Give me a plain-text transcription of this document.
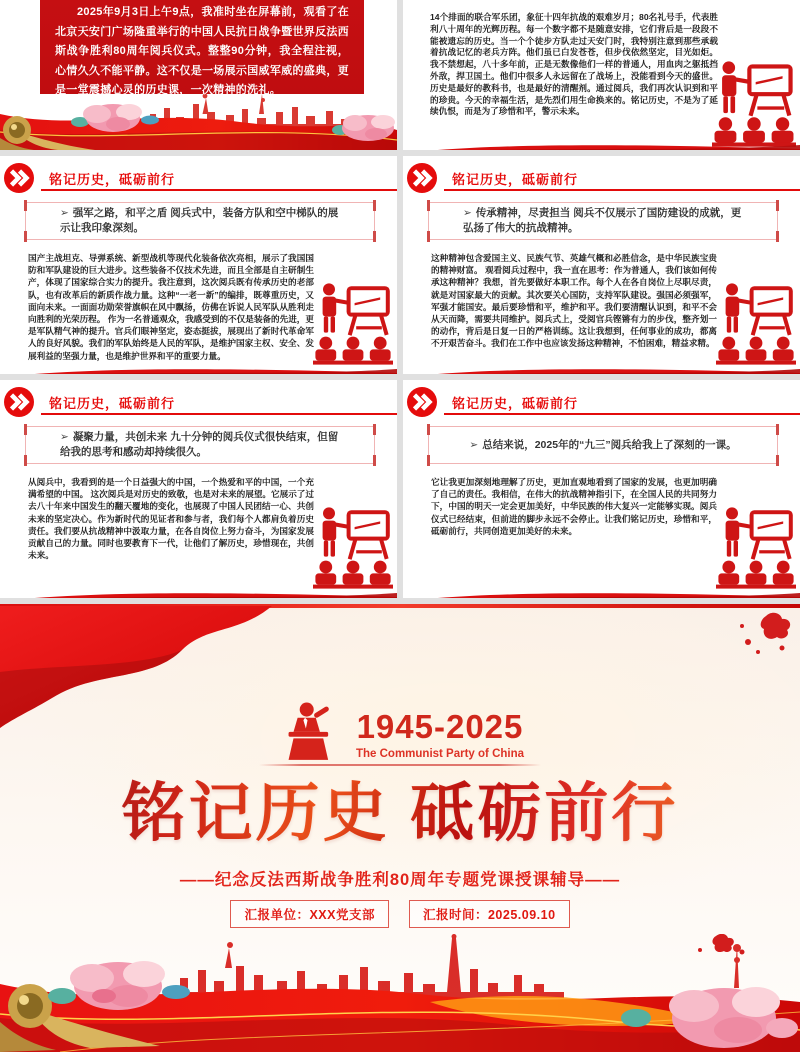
2025年9月3日上午9点，我准时坐在屏幕前，观看了在北京天安门广场隆重举行的中国人民抗日战争暨世界反法西斯战争胜利80周年阅兵仪式。整整90分钟，我全程注视，心情久久不能平静。这不仅是一场展示国威军威的盛典，更是一堂震撼心灵的历史课，一次精神的洗礼。

14个排面的联合军乐团，象征十四年抗战的艰难岁月；80名礼号手，代表胜利八十周年的光辉历程。每一个数字都不是随意安排，它们背后是一段段不能被遗忘的历史。当一个个徒步方队走过天安门时，我特别注意到那些承载着抗战记忆的老兵方阵。他们虽已白发苍苍，但步伐依然坚定，目光如炬。我不禁想起，八十多年前，正是无数像他们一样的普通人，用血肉之躯抵挡外敌，捍卫国土。他们中很多人永远留在了战场上，没能看到今天的盛世。历史是最好的教科书，也是最好的清醒剂。通过阅兵，我们再次认识到和平的珍贵。今天的幸福生活，是先烈们用生命换来的。铭记历史，不是为了延续仇恨，而是为了珍惜和平，警示未来。

铭记历史，砥砺前行
➢ 强军之路，和平之盾 阅兵式中，装备方队和空中梯队的展示让我印象深刻。
国产主战坦克、导弹系统、新型战机等现代化装备依次亮相，展示了我国国防和军队建设的巨大进步。这些装备不仅技术先进，而且全部是自主研制生产，体现了国家综合实力的提升。我注意到，这次阅兵既有传承历史的老部队，也有改革后的新质作战力量。这种“一老一新”的编排，既尊重历史，又面向未来。一面面功勋荣誉旗帜在风中飘扬，仿佛在诉说人民军队从胜利走向胜利的光荣历程。 作为一名普通观众，我感受到的不仅是装备的先进，更是军队精气神的提升。官兵们眼神坚定，姿态挺拔，展现出了新时代革命军人的良好风貌。我们的军队始终是人民的军队，是维护国家主权、安全、发展利益的坚强力量，也是维护世界和平的重要力量。
铭记历史，砥砺前行
➢ 传承精神，尽责担当 阅兵不仅展示了国防建设的成就，更弘扬了伟大的抗战精神。
这种精神包含爱国主义、民族气节、英雄气概和必胜信念，是中华民族宝贵的精神财富。 观看阅兵过程中，我一直在思考：作为普通人，我们该如何传承这种精神？我想，首先要做好本职工作。每个人在各自岗位上尽职尽责，就是对国家最大的贡献。其次要关心国防，支持军队建设。强国必须强军，军强才能国安。最后要珍惜和平，维护和平。我们要清醒认识到，和平不会从天而降，需要共同维护。阅兵式上，受阅官兵铿锵有力的步伐，整齐划一的动作，背后是日复一日的严格训练。这让我想到，任何事业的成功，都离不开艰苦奋斗。我们在工作中也应该发扬这种精神，不怕困难，精益求精。
铭记历史，砥砺前行
➢ 凝聚力量，共创未来 九十分钟的阅兵仪式很快结束，但留给我的思考和感动却持续很久。
从阅兵中，我看到的是一个日益强大的中国，一个热爱和平的中国，一个充满希望的中国。 这次阅兵是对历史的致敬，也是对未来的展望。它展示了过去八十年来中国发生的翻天覆地的变化，也展现了中国人民团结一心、共创未来的坚定决心。作为新时代的见证者和参与者，我们每个人都肩负着历史责任。我们要从抗战精神中汲取力量，在各自岗位上努力奋斗，为国家发展贡献自己的力量。同时也要教育下一代，让他们了解历史，珍惜现在，共创未来。
铭记历史，砥砺前行
➢ 总结来说，2025年的“九三”阅兵给我上了深刻的一课。
它让我更加深刻地理解了历史，更加直观地看到了国家的发展，也更加明确了自己的责任。我相信，在伟大的抗战精神指引下，在全国人民的共同努力下，中国的明天一定会更加美好，中华民族的伟大复兴一定能够实现。阅兵仪式已经结束，但前进的脚步永远不会停止。让我们铭记历史，珍惜和平，砥砺前行，共同创造更加美好的未来。
1945-2025
The Communist Party of China
铭记历史 砥砺前行
——纪念反法西斯战争胜利80周年专题党课授课辅导——
汇报单位：XXX党支部	汇报时间：2025.09.10
